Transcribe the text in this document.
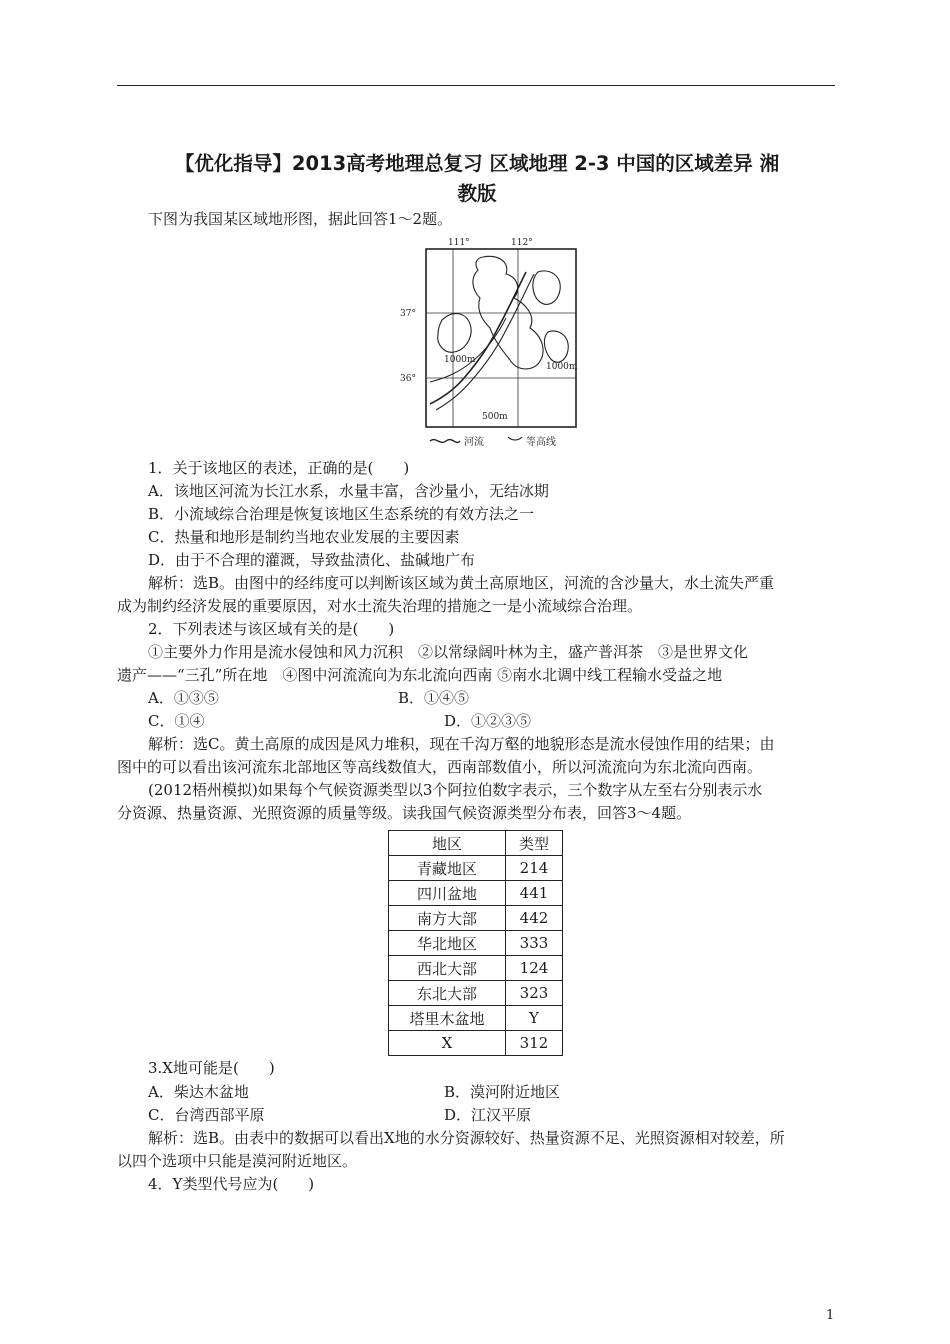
【优化指导】2013高考地理总复习 区域地理 2-3 中国的区域差异 湘
教版
下图为我国某区域地形图，据此回答1～2题。
111°	112°
37°
36°
1000m
1000m
500m
河流	等高线
1．关于该地区的表述，正确的是(　　)
A．该地区河流为长江水系，水量丰富，含沙量小，无结冰期
B．小流域综合治理是恢复该地区生态系统的有效方法之一
C．热量和地形是制约当地农业发展的主要因素
D．由于不合理的灌溉，导致盐渍化、盐碱地广布
解析：选B。由图中的经纬度可以判断该区域为黄土高原地区，河流的含沙量大，水土流失严重
成为制约经济发展的重要原因，对水土流失治理的措施之一是小流域综合治理。
2．下列表述与该区域有关的是(　　)
①主要外力作用是流水侵蚀和风力沉积　②以常绿阔叶林为主，盛产普洱茶　③是世界文化
遗产——“三孔”所在地　④图中河流流向为东北流向西南 ⑤南水北调中线工程输水受益之地
A．①③⑤	B．①④⑤
C．①④	D．①②③⑤
解析：选C。黄土高原的成因是风力堆积，现在千沟万壑的地貌形态是流水侵蚀作用的结果；由
图中的可以看出该河流东北部地区等高线数值大，西南部数值小，所以河流流向为东北流向西南。
(2012梧州模拟)如果每个气候资源类型以3个阿拉伯数字表示，三个数字从左至右分别表示水
分资源、热量资源、光照资源的质量等级。读我国气候资源类型分布表，回答3～4题。
地区	类型
青藏地区	214
四川盆地	441
南方大部	442
华北地区	333
西北大部	124
东北大部	323
塔里木盆地	Y
X	312
3.X地可能是(　　)
A．柴达木盆地	B．漠河附近地区
C．台湾西部平原	D．江汉平原
解析：选B。由表中的数据可以看出X地的水分资源较好、热量资源不足、光照资源相对较差，所
以四个选项中只能是漠河附近地区。
4．Y类型代号应为(　　)
1
